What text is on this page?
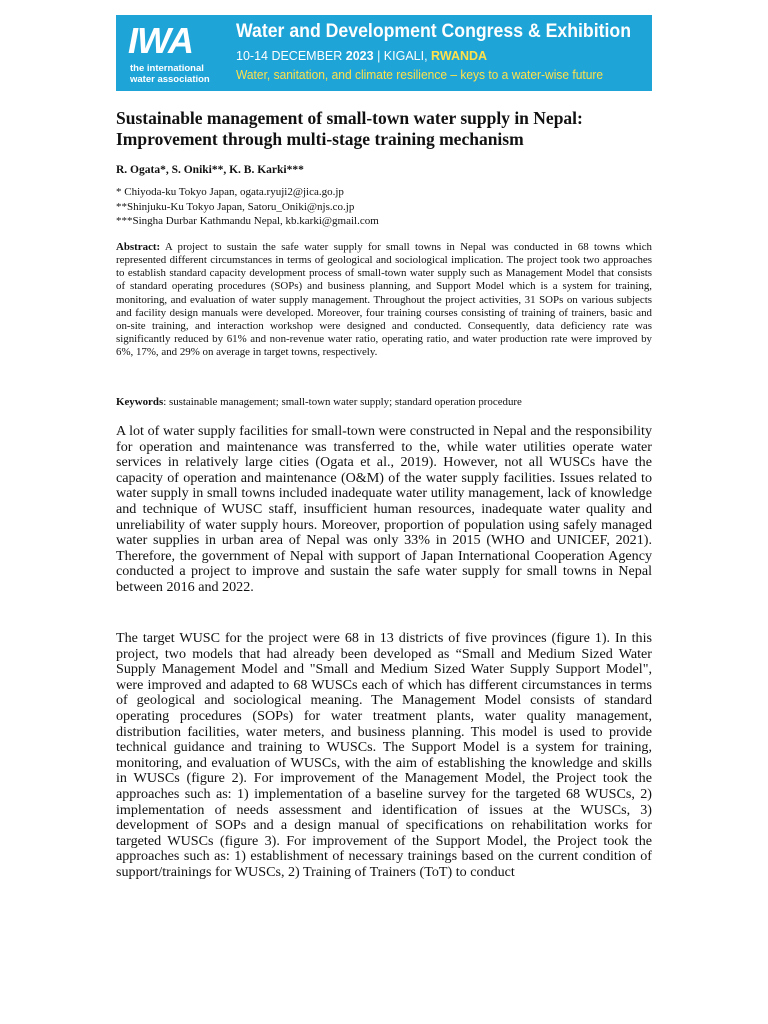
IWA
the international
water association
Water and Development Congress & Exhibition
10-14 DECEMBER 2023 | KIGALI, RWANDA
Water, sanitation, and climate resilience – keys to a water-wise future
Sustainable management of small-town water supply in Nepal: Improvement through multi-stage training mechanism
R. Ogata*, S. Oniki**, K. B. Karki***
* Chiyoda-ku Tokyo Japan, ogata.ryuji2@jica.go.jp
**Shinjuku-Ku Tokyo Japan, Satoru_Oniki@njs.co.jp
***Singha Durbar Kathmandu Nepal, kb.karki@gmail.com

Abstract: A project to sustain the safe water supply for small towns in Nepal was conducted in 68 towns which represented different circumstances in terms of geological and sociological implication. The project took two approaches to establish standard capacity development process of small-town water supply such as Management Model that consists of standard operating procedures (SOPs) and business planning, and Support Model which is a system for training, monitoring, and evaluation of water supply management. Throughout the project activities, 31 SOPs on various subjects and facility design manuals were developed. Moreover, four training courses consisting of training of trainers, basic and on-site training, and interaction workshop were designed and conducted. Consequently, data deficiency rate was significantly reduced by 61% and non-revenue water ratio, operating ratio, and water production rate were improved by 6%, 17%, and 29% on average in target towns, respectively.

Keywords: sustainable management; small-town water supply; standard operation procedure

A lot of water supply facilities for small-town were constructed in Nepal and the responsibility for operation and maintenance was transferred to the, while water utilities operate water services in relatively large cities (Ogata et al., 2019). However, not all WUSCs have the capacity of operation and maintenance (O&M) of the water supply facilities. Issues related to water supply in small towns included inadequate water utility management, lack of knowledge and technique of WUSC staff, insufficient human resources, inadequate water quality and unreliability of water supply hours. Moreover, proportion of population using safely managed water supplies in urban area of Nepal was only 33% in 2015 (WHO and UNICEF, 2021). Therefore, the government of Nepal with support of Japan International Cooperation Agency conducted a project to improve and sustain the safe water supply for small towns in Nepal between 2016 and 2022.

The target WUSC for the project were 68 in 13 districts of five provinces (figure 1). In this project, two models that had already been developed as “Small and Medium Sized Water Supply Management Model and "Small and Medium Sized Water Supply Support Model", were improved and adapted to 68 WUSCs each of which has different circumstances in terms of geological and sociological meaning. The Management Model consists of standard operating procedures (SOPs) for water treatment plants, water quality management, distribution facilities, water meters, and business planning. This model is used to provide technical guidance and training to WUSCs. The Support Model is a system for training, monitoring, and evaluation of WUSCs, with the aim of establishing the knowledge and skills in WUSCs (figure 2). For improvement of the Management Model, the Project took the approaches such as: 1) implementation of a baseline survey for the targeted 68 WUSCs, 2) implementation of needs assessment and identification of issues at the WUSCs, 3) development of SOPs and a design manual of specifications on rehabilitation works for targeted WUSCs (figure 3). For improvement of the Support Model, the Project took the approaches such as: 1) establishment of necessary trainings based on the current condition of support/trainings for WUSCs, 2) Training of Trainers (ToT) to conduct
